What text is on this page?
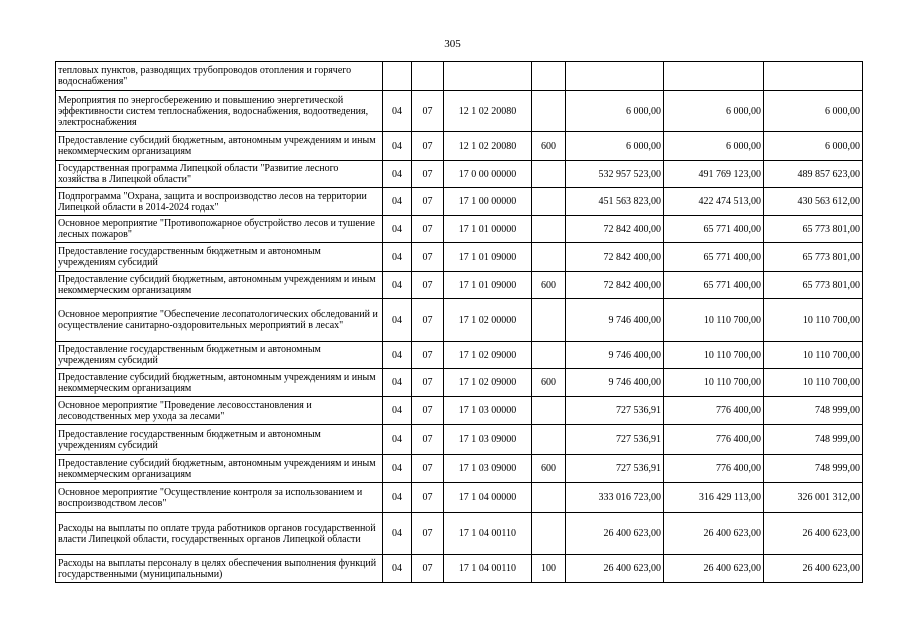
305
тепловых пунктов, разводящих трубопроводов отопления и горячего водоснабжения"							
Мероприятия по энергосбережению и повышению энергетической эффективности систем теплоснабжения, водоснабжения, водоотведения, электроснабжения	04	07	12 1 02 20080		6 000,00	6 000,00	6 000,00
Предоставление субсидий бюджетным, автономным учреждениям и иным некоммерческим организациям	04	07	12 1 02 20080	600	6 000,00	6 000,00	6 000,00
Государственная программа Липецкой области "Развитие лесного хозяйства в Липецкой области"	04	07	17 0 00 00000		532 957 523,00	491 769 123,00	489 857 623,00
Подпрограмма "Охрана, защита и воспроизводство лесов на территории Липецкой области в 2014-2024 годах"	04	07	17 1 00 00000		451 563 823,00	422 474 513,00	430 563 612,00
Основное мероприятие "Противопожарное обустройство лесов и тушение лесных пожаров"	04	07	17 1 01 00000		72 842 400,00	65 771 400,00	65 773 801,00
Предоставление государственным бюджетным и автономным учреждениям субсидий	04	07	17 1 01 09000		72 842 400,00	65 771 400,00	65 773 801,00
Предоставление субсидий бюджетным, автономным учреждениям и иным некоммерческим организациям	04	07	17 1 01 09000	600	72 842 400,00	65 771 400,00	65 773 801,00
Основное мероприятие "Обеспечение лесопатологических обследований и осуществление санитарно-оздоровительных мероприятий в лесах"	04	07	17 1 02 00000		9 746 400,00	10 110 700,00	10 110 700,00
Предоставление государственным бюджетным и автономным учреждениям субсидий	04	07	17 1 02 09000		9 746 400,00	10 110 700,00	10 110 700,00
Предоставление субсидий бюджетным, автономным учреждениям и иным некоммерческим организациям	04	07	17 1 02 09000	600	9 746 400,00	10 110 700,00	10 110 700,00
Основное мероприятие "Проведение лесовосстановления и лесоводственных мер ухода за лесами"	04	07	17 1 03 00000		727 536,91	776 400,00	748 999,00
Предоставление государственным бюджетным и автономным учреждениям субсидий	04	07	17 1 03 09000		727 536,91	776 400,00	748 999,00
Предоставление субсидий бюджетным, автономным учреждениям и иным некоммерческим организациям	04	07	17 1 03 09000	600	727 536,91	776 400,00	748 999,00
Основное мероприятие "Осуществление контроля за использованием и воспроизводством лесов"	04	07	17 1 04 00000		333 016 723,00	316 429 113,00	326 001 312,00
Расходы на выплаты по оплате труда работников органов государственной власти Липецкой области, государственных органов Липецкой области	04	07	17 1 04 00110		26 400 623,00	26 400 623,00	26 400 623,00
Расходы на выплаты персоналу в целях обеспечения выполнения функций государственными (муниципальными)	04	07	17 1 04 00110	100	26 400 623,00	26 400 623,00	26 400 623,00
